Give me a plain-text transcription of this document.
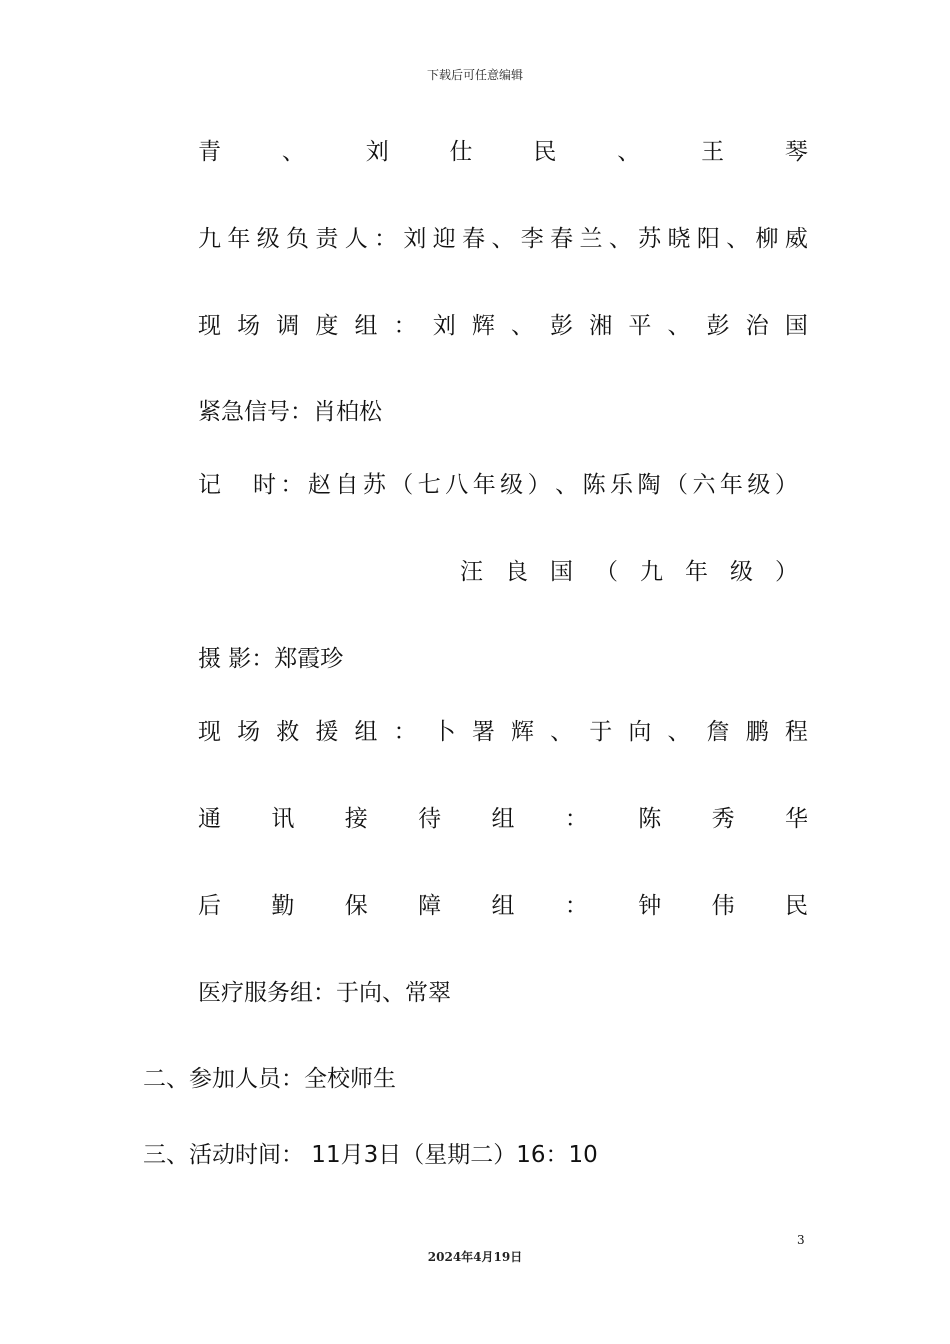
下载后可任意编辑
青	、	刘	仕	民	、	王	琴
九 年 级 负 责 人 ： 刘 迎 春 、 李 春 兰 、 苏 晓 阳 、 柳 威
现 场 调 度 组 ： 刘 辉 、 彭 湘 平 、 彭 治 国
紧急信号：肖柏松
记
　 时 ： 赵 自 苏 （ 七 八 年 级 ） 、 陈 乐 陶 （ 六 年 级 ）
汪 良 国 （ 九 年 级 ）
摄 影：郑霞珍
现 场 救 援 组 ： 卜 署 辉 、 于 向 、 詹 鹏 程
通 讯 接 待 组 ： 陈 秀 华
后 勤 保 障 组 ： 钟 伟 民
医疗服务组：于向、常翠
二、参加人员：全校师生
三、活动时间： 11月3日（星期二）16：10
3
2024年4月19日
